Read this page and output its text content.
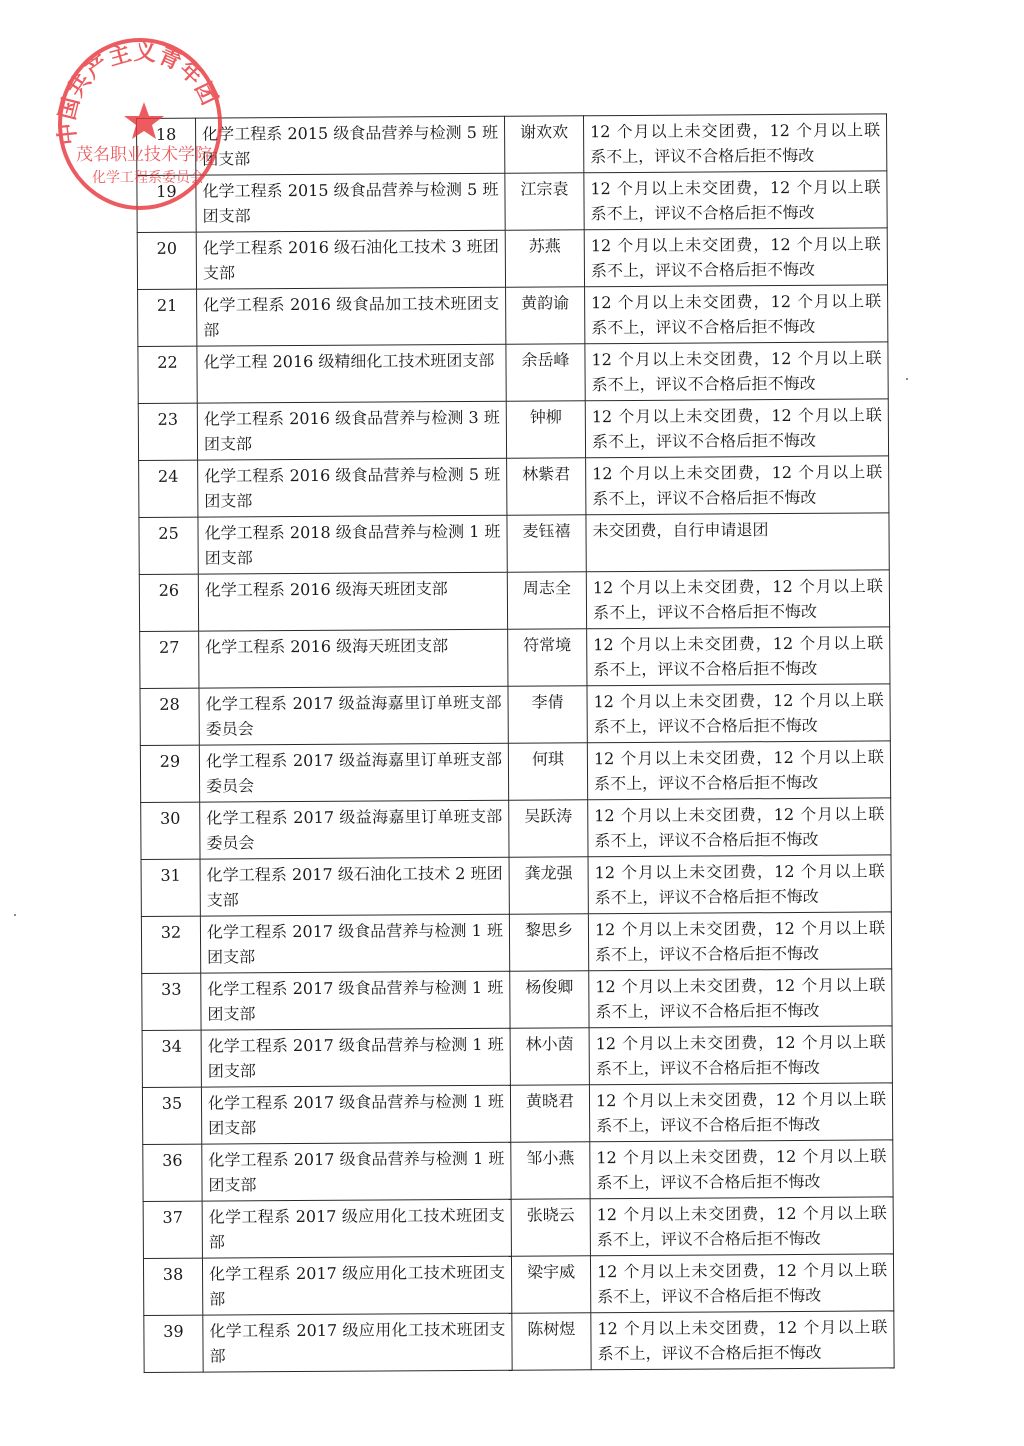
18	化学工程系 2015 级食品营养与检测 5 班团支部	谢欢欢	12 个月以上未交团费，12 个月以上联系不上，评议不合格后拒不悔改
19	化学工程系 2015 级食品营养与检测 5 班团支部	江宗袁	12 个月以上未交团费，12 个月以上联系不上，评议不合格后拒不悔改
20	化学工程系 2016 级石油化工技术 3 班团支部	苏燕	12 个月以上未交团费，12 个月以上联系不上，评议不合格后拒不悔改
21	化学工程系 2016 级食品加工技术班团支部	黄韵谕	12 个月以上未交团费，12 个月以上联系不上，评议不合格后拒不悔改
22	化学工程 2016 级精细化工技术班团支部	余岳峰	12 个月以上未交团费，12 个月以上联系不上，评议不合格后拒不悔改
23	化学工程系 2016 级食品营养与检测 3 班团支部	钟柳	12 个月以上未交团费，12 个月以上联系不上，评议不合格后拒不悔改
24	化学工程系 2016 级食品营养与检测 5 班团支部	林紫君	12 个月以上未交团费，12 个月以上联系不上，评议不合格后拒不悔改
25	化学工程系 2018 级食品营养与检测 1 班团支部	麦钰禧	未交团费，自行申请退团
26	化学工程系 2016 级海天班团支部	周志全	12 个月以上未交团费，12 个月以上联系不上，评议不合格后拒不悔改
27	化学工程系 2016 级海天班团支部	符常境	12 个月以上未交团费，12 个月以上联系不上，评议不合格后拒不悔改
28	化学工程系 2017 级益海嘉里订单班支部委员会	李倩	12 个月以上未交团费，12 个月以上联系不上，评议不合格后拒不悔改
29	化学工程系 2017 级益海嘉里订单班支部委员会	何琪	12 个月以上未交团费，12 个月以上联系不上，评议不合格后拒不悔改
30	化学工程系 2017 级益海嘉里订单班支部委员会	吴跃涛	12 个月以上未交团费，12 个月以上联系不上，评议不合格后拒不悔改
31	化学工程系 2017 级石油化工技术 2 班团支部	龚龙强	12 个月以上未交团费，12 个月以上联系不上，评议不合格后拒不悔改
32	化学工程系 2017 级食品营养与检测 1 班团支部	黎思乡	12 个月以上未交团费，12 个月以上联系不上，评议不合格后拒不悔改
33	化学工程系 2017 级食品营养与检测 1 班团支部	杨俊卿	12 个月以上未交团费，12 个月以上联系不上，评议不合格后拒不悔改
34	化学工程系 2017 级食品营养与检测 1 班团支部	林小茵	12 个月以上未交团费，12 个月以上联系不上，评议不合格后拒不悔改
35	化学工程系 2017 级食品营养与检测 1 班团支部	黄晓君	12 个月以上未交团费，12 个月以上联系不上，评议不合格后拒不悔改
36	化学工程系 2017 级食品营养与检测 1 班团支部	邹小燕	12 个月以上未交团费，12 个月以上联系不上，评议不合格后拒不悔改
37	化学工程系 2017 级应用化工技术班团支部	张晓云	12 个月以上未交团费，12 个月以上联系不上，评议不合格后拒不悔改
38	化学工程系 2017 级应用化工技术班团支部	梁宇威	12 个月以上未交团费，12 个月以上联系不上，评议不合格后拒不悔改
39	化学工程系 2017 级应用化工技术班团支部	陈树煜	12 个月以上未交团费，12 个月以上联系不上，评议不合格后拒不悔改
中国共产主义青年团
茂名职业技术学院
化学工程系委员会
